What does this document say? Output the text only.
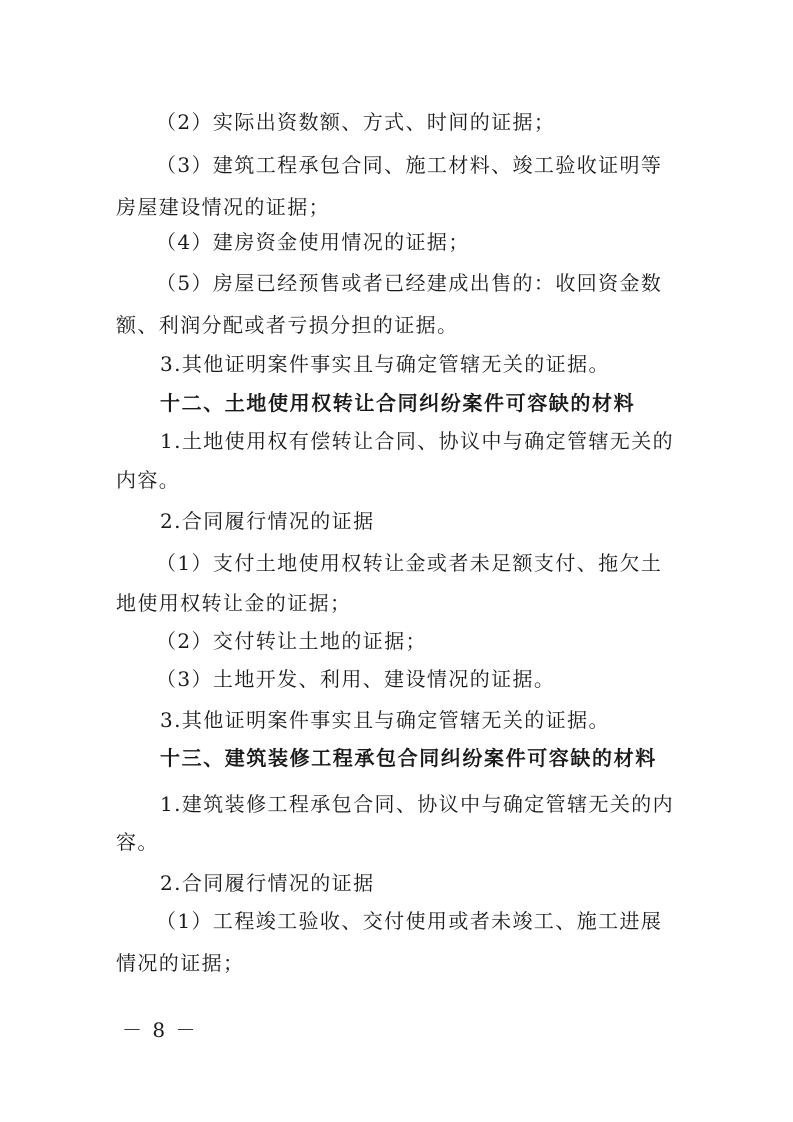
（2）实际出资数额、方式、时间的证据；
（3）建筑工程承包合同、施工材料、竣工验收证明等
房屋建设情况的证据；
（4）建房资金使用情况的证据；
（5）房屋已经预售或者已经建成出售的：收回资金数
额、利润分配或者亏损分担的证据。
3.其他证明案件事实且与确定管辖无关的证据。
十二、土地使用权转让合同纠纷案件可容缺的材料
1.土地使用权有偿转让合同、协议中与确定管辖无关的
内容。
2.合同履行情况的证据
（1）支付土地使用权转让金或者未足额支付、拖欠土
地使用权转让金的证据；
（2）交付转让土地的证据；
（3）土地开发、利用、建设情况的证据。
3.其他证明案件事实且与确定管辖无关的证据。
十三、建筑装修工程承包合同纠纷案件可容缺的材料
1.建筑装修工程承包合同、协议中与确定管辖无关的内
容。
2.合同履行情况的证据
（1）工程竣工验收、交付使用或者未竣工、施工进展
情况的证据；
－ 8 －
